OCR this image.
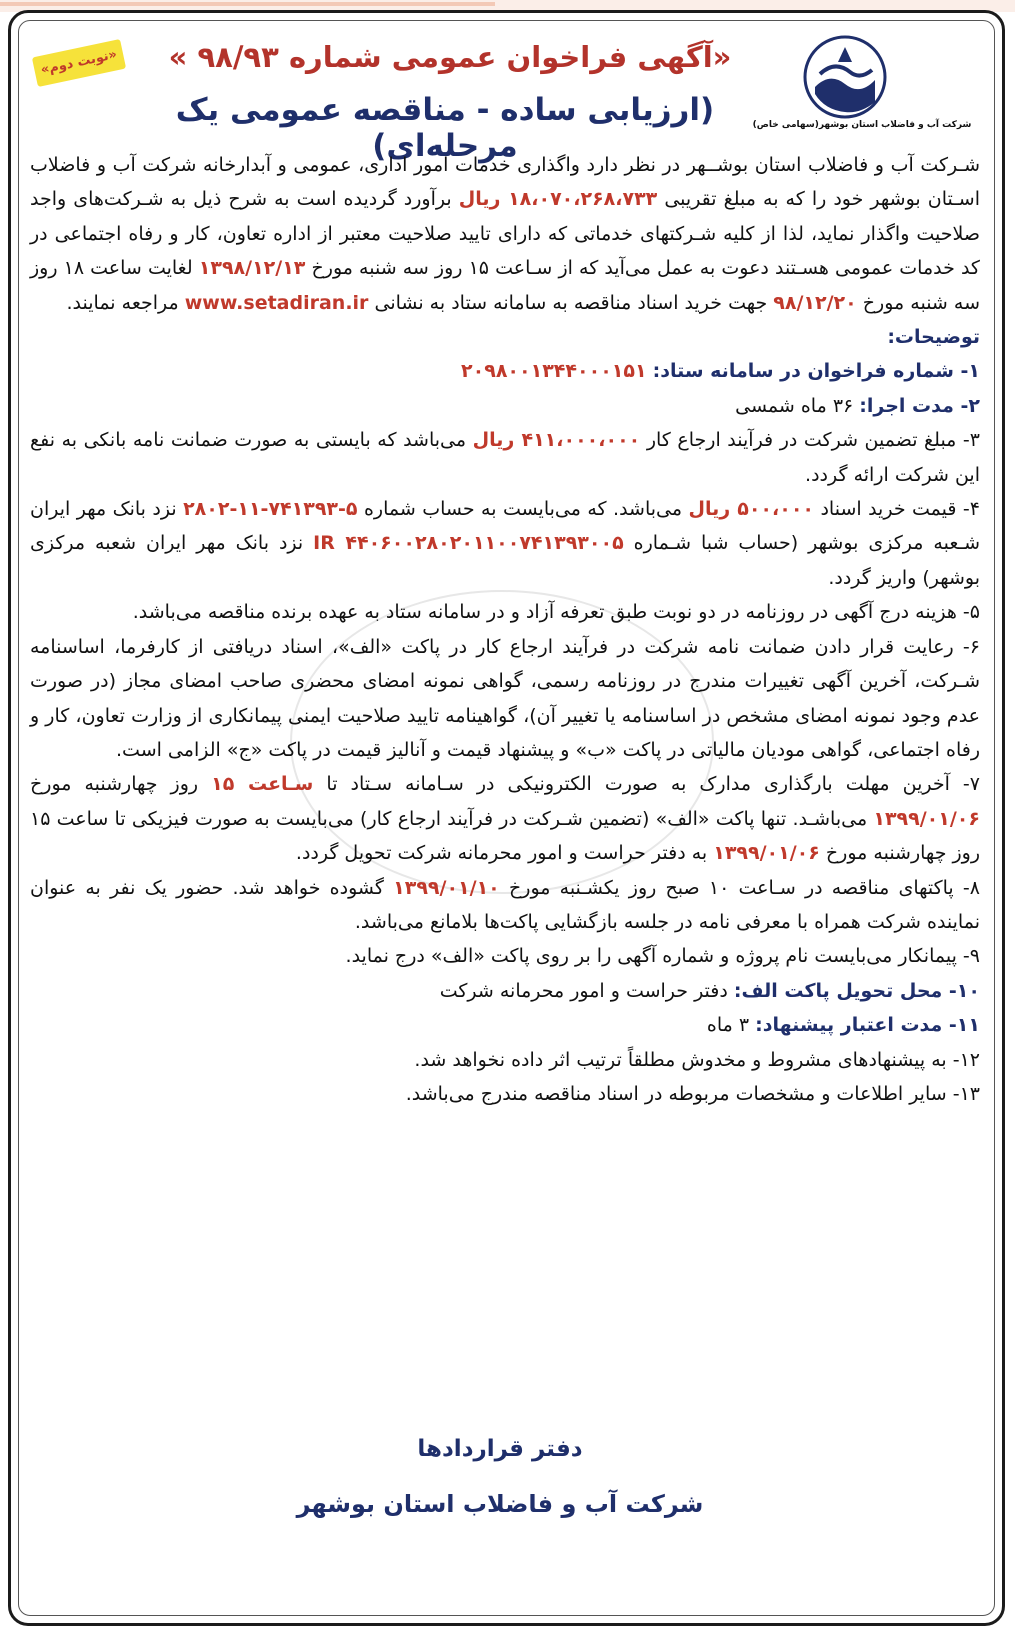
«نوبت دوم»
شرکت آب و فاضلاب استان بوشهر(سهامی خاص)
«آگهی فراخوان عمومی شماره ۹۸/۹۳ »
(ارزیابی ساده - مناقصه عمومی یک مرحله‌ای)

شـرکت آب و فاضلاب استان بوشــهر در نظر دارد واگذاری خدمات امور اداری، عمومی و آبدارخانه شرکت آب و فاضلاب اسـتان بوشهر خود را که به مبلغ تقریبی ۱۸،۰۷۰،۲۶۸،۷۳۳ ریال برآورد گردیده است به شرح ذیل به شـرکت‌های واجد صلاحیت واگذار نماید، لذا از کلیه شـرکتهای خدماتی که دارای تایید صلاحیت معتبر از اداره تعاون، کار و رفاه اجتماعی در کد خدمات عمومی هسـتند دعوت به عمل می‌آید که از سـاعت ۱۵ روز سه شنبه مورخ ۱۳۹۸/۱۲/۱۳ لغایت ساعت ۱۸ روز سه شنبه مورخ ۹۸/۱۲/۲۰ جهت خرید اسناد مناقصه به سامانه ستاد به نشانی www.setadiran.ir مراجعه نمایند.

توضیحات:

۱- شماره فراخوان در سامانه ستاد: ۲۰۹۸۰۰۱۳۴۴۰۰۰۱۵۱

۲- مدت اجرا: ۳۶ ماه شمسی

۳- مبلغ تضمین شرکت در فرآیند ارجاع کار ۴۱۱،۰۰۰،۰۰۰ ریال می‌باشد که بایستی به صورت ضمانت نامه بانکی به نفع این شرکت ارائه گردد.

۴- قیمت خرید اسناد ۵۰۰،۰۰۰ ریال می‌باشد. که می‌بایست به حساب شماره ۵-۷۴۱۳۹۳-۱۱-۲۸۰۲ نزد بانک مهر ایران شـعبه مرکزی بوشهر (حساب شبا شـماره IR ۴۴۰۶۰۰۲۸۰۲۰۱۱۰۰۷۴۱۳۹۳۰۰۵ نزد بانک مهر ایران شعبه مرکزی بوشهر) واریز گردد.

۵- هزینه درج آگهی در روزنامه در دو نوبت طبق تعرفه آزاد و در سامانه ستاد به عهده برنده مناقصه می‌باشد.

۶- رعایت قرار دادن ضمانت نامه شرکت در فرآیند ارجاع کار در پاکت «الف»، اسناد دریافتی از کارفرما، اساسنامه شـرکت، آخرین آگهی تغییرات مندرج در روزنامه رسمی، گواهی نمونه امضای محضری صاحب امضای مجاز (در صورت عدم وجود نمونه امضای مشخص در اساسنامه یا تغییر آن)، گواهینامه تایید صلاحیت ایمنی پیمانکاری از وزارت تعاون، کار و رفاه اجتماعی، گواهی مودیان مالیاتی در پاکت «ب» و پیشنهاد قیمت و آنالیز قیمت در پاکت «ج» الزامی است.

۷- آخرین مهلت بارگذاری مدارک به صورت الکترونیکی در سـامانه سـتاد تا سـاعت ۱۵ روز چهارشنبه مورخ ۱۳۹۹/۰۱/۰۶ می‌باشـد. تنها پاکت «الف» (تضمین شـرکت در فرآیند ارجاع کار) می‌بایست به صورت فیزیکی تا ساعت ۱۵ روز چهارشنبه مورخ ۱۳۹۹/۰۱/۰۶ به دفتر حراست و امور محرمانه شرکت تحویل گردد.

۸- پاکتهای مناقصه در سـاعت ۱۰ صبح روز یکشـنبه مورخ ۱۳۹۹/۰۱/۱۰ گشوده خواهد شد. حضور یک نفر به عنوان نماینده شرکت همراه با معرفی نامه در جلسه بازگشایی پاکت‌ها بلامانع می‌باشد.

۹- پیمانکار می‌بایست نام پروژه و شماره آگهی را بر روی پاکت «الف» درج نماید.

۱۰- محل تحویل پاکت الف: دفتر حراست و امور محرمانه شرکت

۱۱- مدت اعتبار پیشنهاد: ۳ ماه

۱۲- به پیشنهادهای مشروط و مخدوش مطلقاً ترتیب اثر داده نخواهد شد.

۱۳- سایر اطلاعات و مشخصات مربوطه در اسناد مناقصه مندرج می‌باشد.

دفتر قراردادها
شرکت آب و فاضلاب استان بوشهر
